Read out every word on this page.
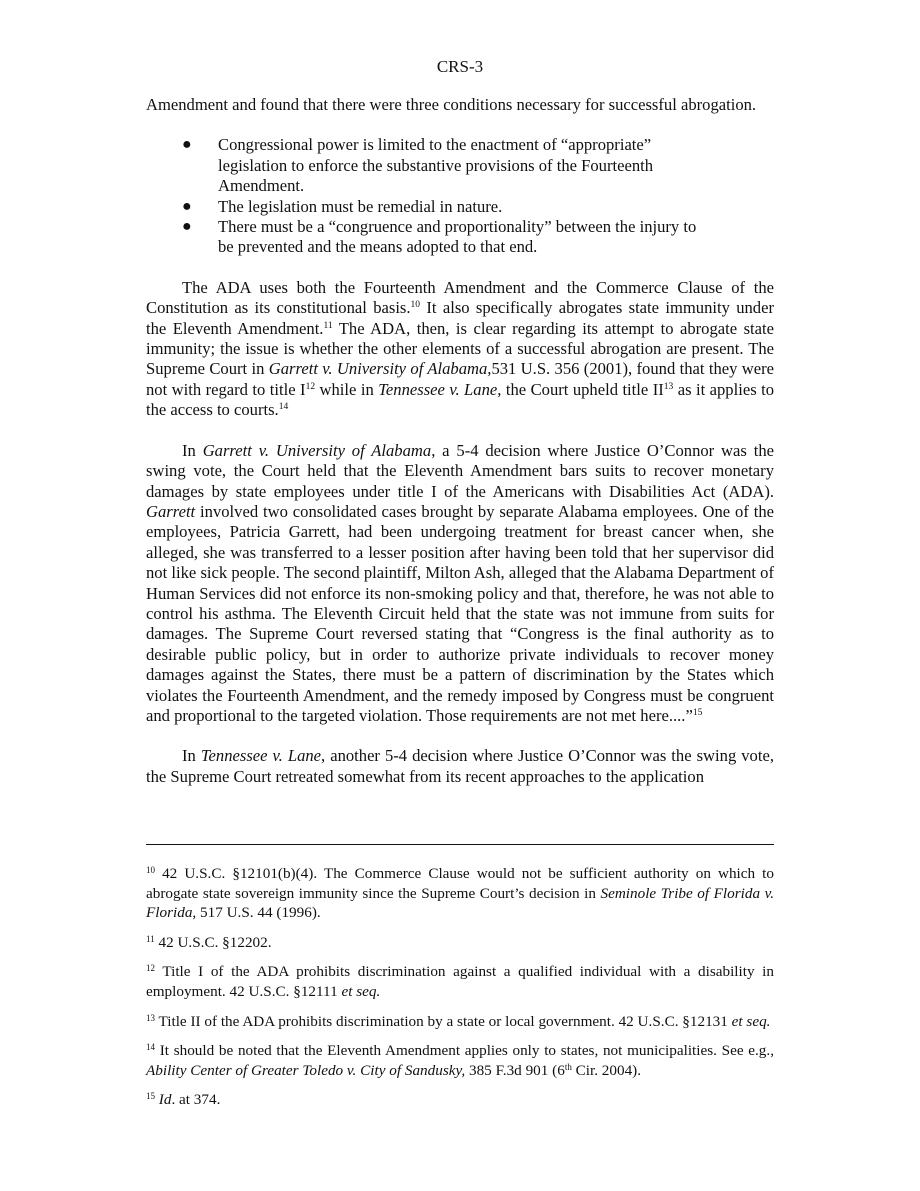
CRS-3

Amendment and found that there were three conditions necessary for successful abrogation.

● Congressional power is limited to the enactment of “appropriate” legislation to enforce the substantive provisions of the Fourteenth Amendment.
● The legislation must be remedial in nature.
● There must be a “congruence and proportionality” between the injury to be prevented and the means adopted to that end.

The ADA uses both the Fourteenth Amendment and the Commerce Clause of the Constitution as its constitutional basis.$^{10}$ It also specifically abrogates state immunity under the Eleventh Amendment.$^{11}$ The ADA, then, is clear regarding its attempt to abrogate state immunity; the issue is whether the other elements of a successful abrogation are present. The Supreme Court in Garrett v. University of Alabama,531 U.S. 356 (2001), found that they were not with regard to title $I^{12}$ while in Tennessee v. Lane, the Court upheld title II$^{13}$ as it applies to the access to courts.$^{14}$

In Garrett v. University of Alabama, a 5-4 decision where Justice O’Connor was the swing vote, the Court held that the Eleventh Amendment bars suits to recover monetary damages by state employees under title I of the Americans with Disabilities Act (ADA). Garrett involved two consolidated cases brought by separate Alabama employees. One of the employees, Patricia Garrett, had been undergoing treatment for breast cancer when, she alleged, she was transferred to a lesser position after having been told that her supervisor did not like sick people. The second plaintiff, Milton Ash, alleged that the Alabama Department of Human Services did not enforce its non-smoking policy and that, therefore, he was not able to control his asthma. The Eleventh Circuit held that the state was not immune from suits for damages. The Supreme Court reversed stating that “Congress is the final authority as to desirable public policy, but in order to authorize private individuals to recover money damages against the States, there must be a pattern of discrimination by the States which violates the Fourteenth Amendment, and the remedy imposed by Congress must be congruent and proportional to the targeted violation. Those requirements are not met here....”$^{15}$

In Tennessee v. Lane, another 5-4 decision where Justice O’Connor was the swing vote, the Supreme Court retreated somewhat from its recent approaches to the application

$^{10}$ 42 U.S.C. §12101(b)(4). The Commerce Clause would not be sufficient authority on which to abrogate state sovereign immunity since the Supreme Court’s decision in Seminole Tribe of Florida v. Florida, 517 U.S. 44 (1996).

$^{11}$ 42 U.S.C. §12202.

$^{12}$ Title I of the ADA prohibits discrimination against a qualified individual with a disability in employment. 42 U.S.C. §12111 et seq.

$^{13}$ Title II of the ADA prohibits discrimination by a state or local government. 42 U.S.C. §12131 et seq.

$^{14}$ It should be noted that the Eleventh Amendment applies only to states, not municipalities. See e.g., Ability Center of Greater Toledo v. City of Sandusky, 385 F.3d 901 (6th Cir. 2004).

$^{15}$ Id. at 374.
